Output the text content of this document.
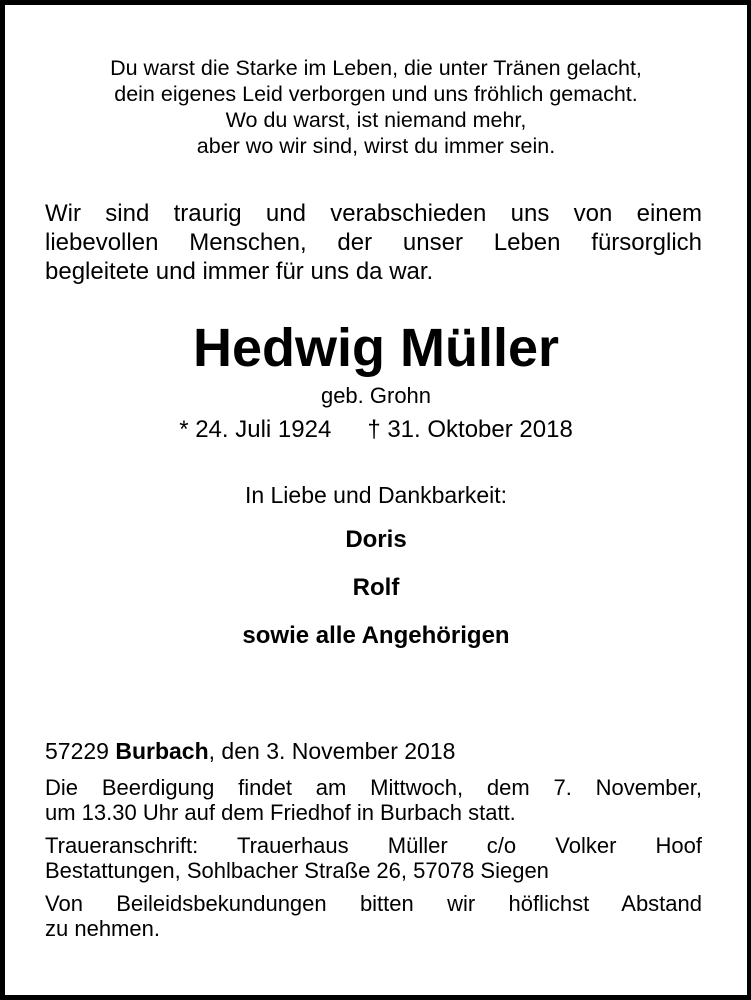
Du warst die Starke im Leben, die unter Tränen gelacht,
dein eigenes Leid verborgen und uns fröhlich gemacht.
Wo du warst, ist niemand mehr,
aber wo wir sind, wirst du immer sein.
Wir sind traurig und verabschieden uns von einem
liebevollen Menschen, der unser Leben fürsorglich
begleitete und immer für uns da war.
Hedwig Müller
geb. Grohn
* 24. Juli 1924 † 31. Oktober 2018
In Liebe und Dankbarkeit:
Doris
Rolf
sowie alle Angehörigen
57229 Burbach, den 3. November 2018
Die Beerdigung findet am Mittwoch, dem 7. November,
um 13.30 Uhr auf dem Friedhof in Burbach statt.
Traueranschrift: Trauerhaus Müller c/o Volker Hoof
Bestattungen, Sohlbacher Straße 26, 57078 Siegen
Von Beileidsbekundungen bitten wir höflichst Abstand
zu nehmen.
